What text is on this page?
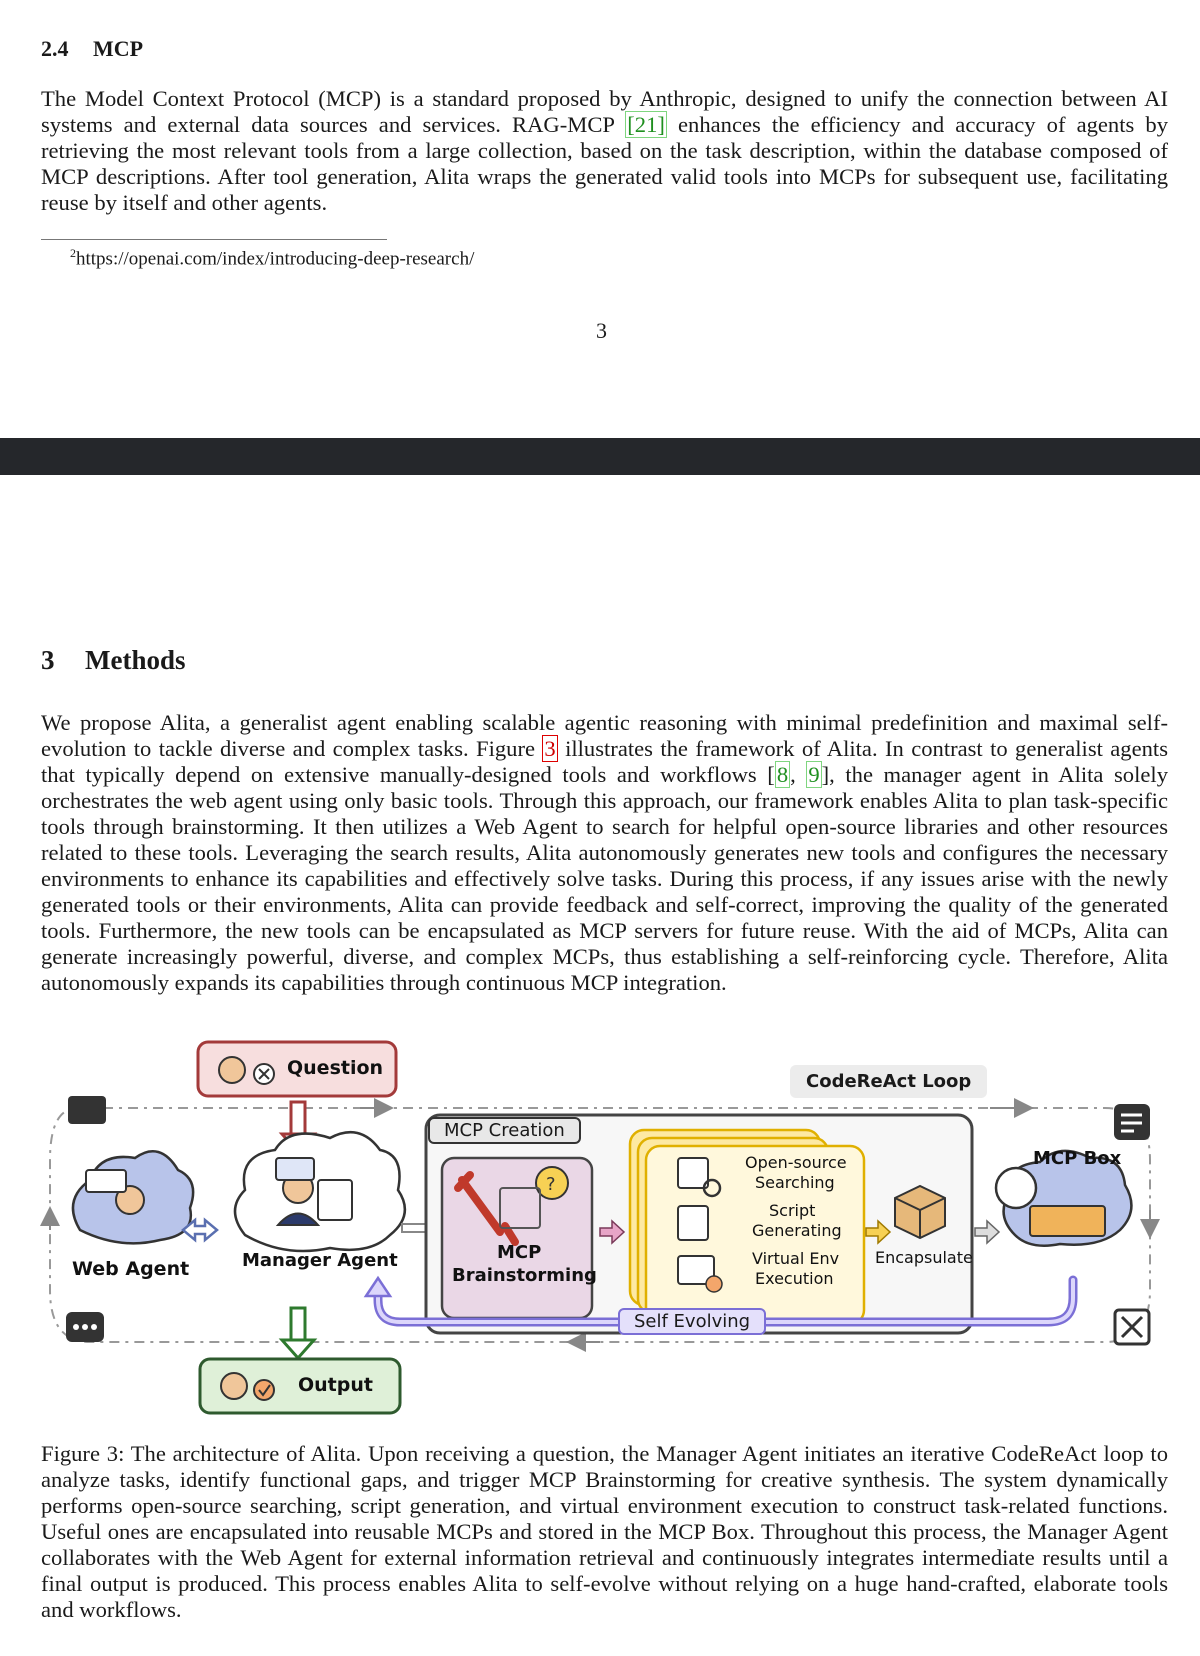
2.4 MCP

The Model Context Protocol (MCP) is a standard proposed by Anthropic, designed to unify the connection between AI systems and external data sources and services. RAG-MCP [21] enhances the efficiency and accuracy of agents by retrieving the most relevant tools from a large collection, based on the task description, within the database composed of MCP descriptions. After tool generation, Alita wraps the generated valid tools into MCPs for subsequent use, facilitating reuse by itself and other agents.

$^2$https://openai.com/index/introducing-deep-research/
3
3 Methods

We propose Alita, a generalist agent enabling scalable agentic reasoning with minimal predefinition and maximal self-evolution to tackle diverse and complex tasks. Figure 3 illustrates the framework of Alita. In contrast to generalist agents that typically depend on extensive manually-designed tools and workflows [8, 9], the manager agent in Alita solely orchestrates the web agent using only basic tools. Through this approach, our framework enables Alita to plan task-specific tools through brainstorming. It then utilizes a Web Agent to search for helpful open-source libraries and other resources related to these tools. Leveraging the search results, Alita autonomously generates new tools and configures the necessary environments to enhance its capabilities and effectively solve tasks. During this process, if any issues arise with the newly generated tools or their environments, Alita can provide feedback and self-correct, improving the quality of the generated tools. Furthermore, the new tools can be encapsulated as MCP servers for future reuse. With the aid of MCPs, Alita can generate increasingly powerful, diverse, and complex MCPs, thus establishing a self-reinforcing cycle. Therefore, Alita autonomously expands its capabilities through continuous MCP integration.

?
Question
CodeReAct Loop
MCP Creation
MCP Box
Web Agent	Manager Agent	MCP
Brainstorming
Open-source
Searching
Script
Generating
Virtual Env
Execution
Encapsulate
Self Evolving
Output

Figure 3: The architecture of Alita. Upon receiving a question, the Manager Agent initiates an iterative CodeReAct loop to analyze tasks, identify functional gaps, and trigger MCP Brainstorming for creative synthesis. The system dynamically performs open-source searching, script generation, and virtual environment execution to construct task-related functions. Useful ones are encapsulated into reusable MCPs and stored in the MCP Box. Throughout this process, the Manager Agent collaborates with the Web Agent for external information retrieval and continuously integrates intermediate results until a final output is produced. This process enables Alita to self-evolve without relying on a huge hand-crafted, elaborate tools and workflows.
